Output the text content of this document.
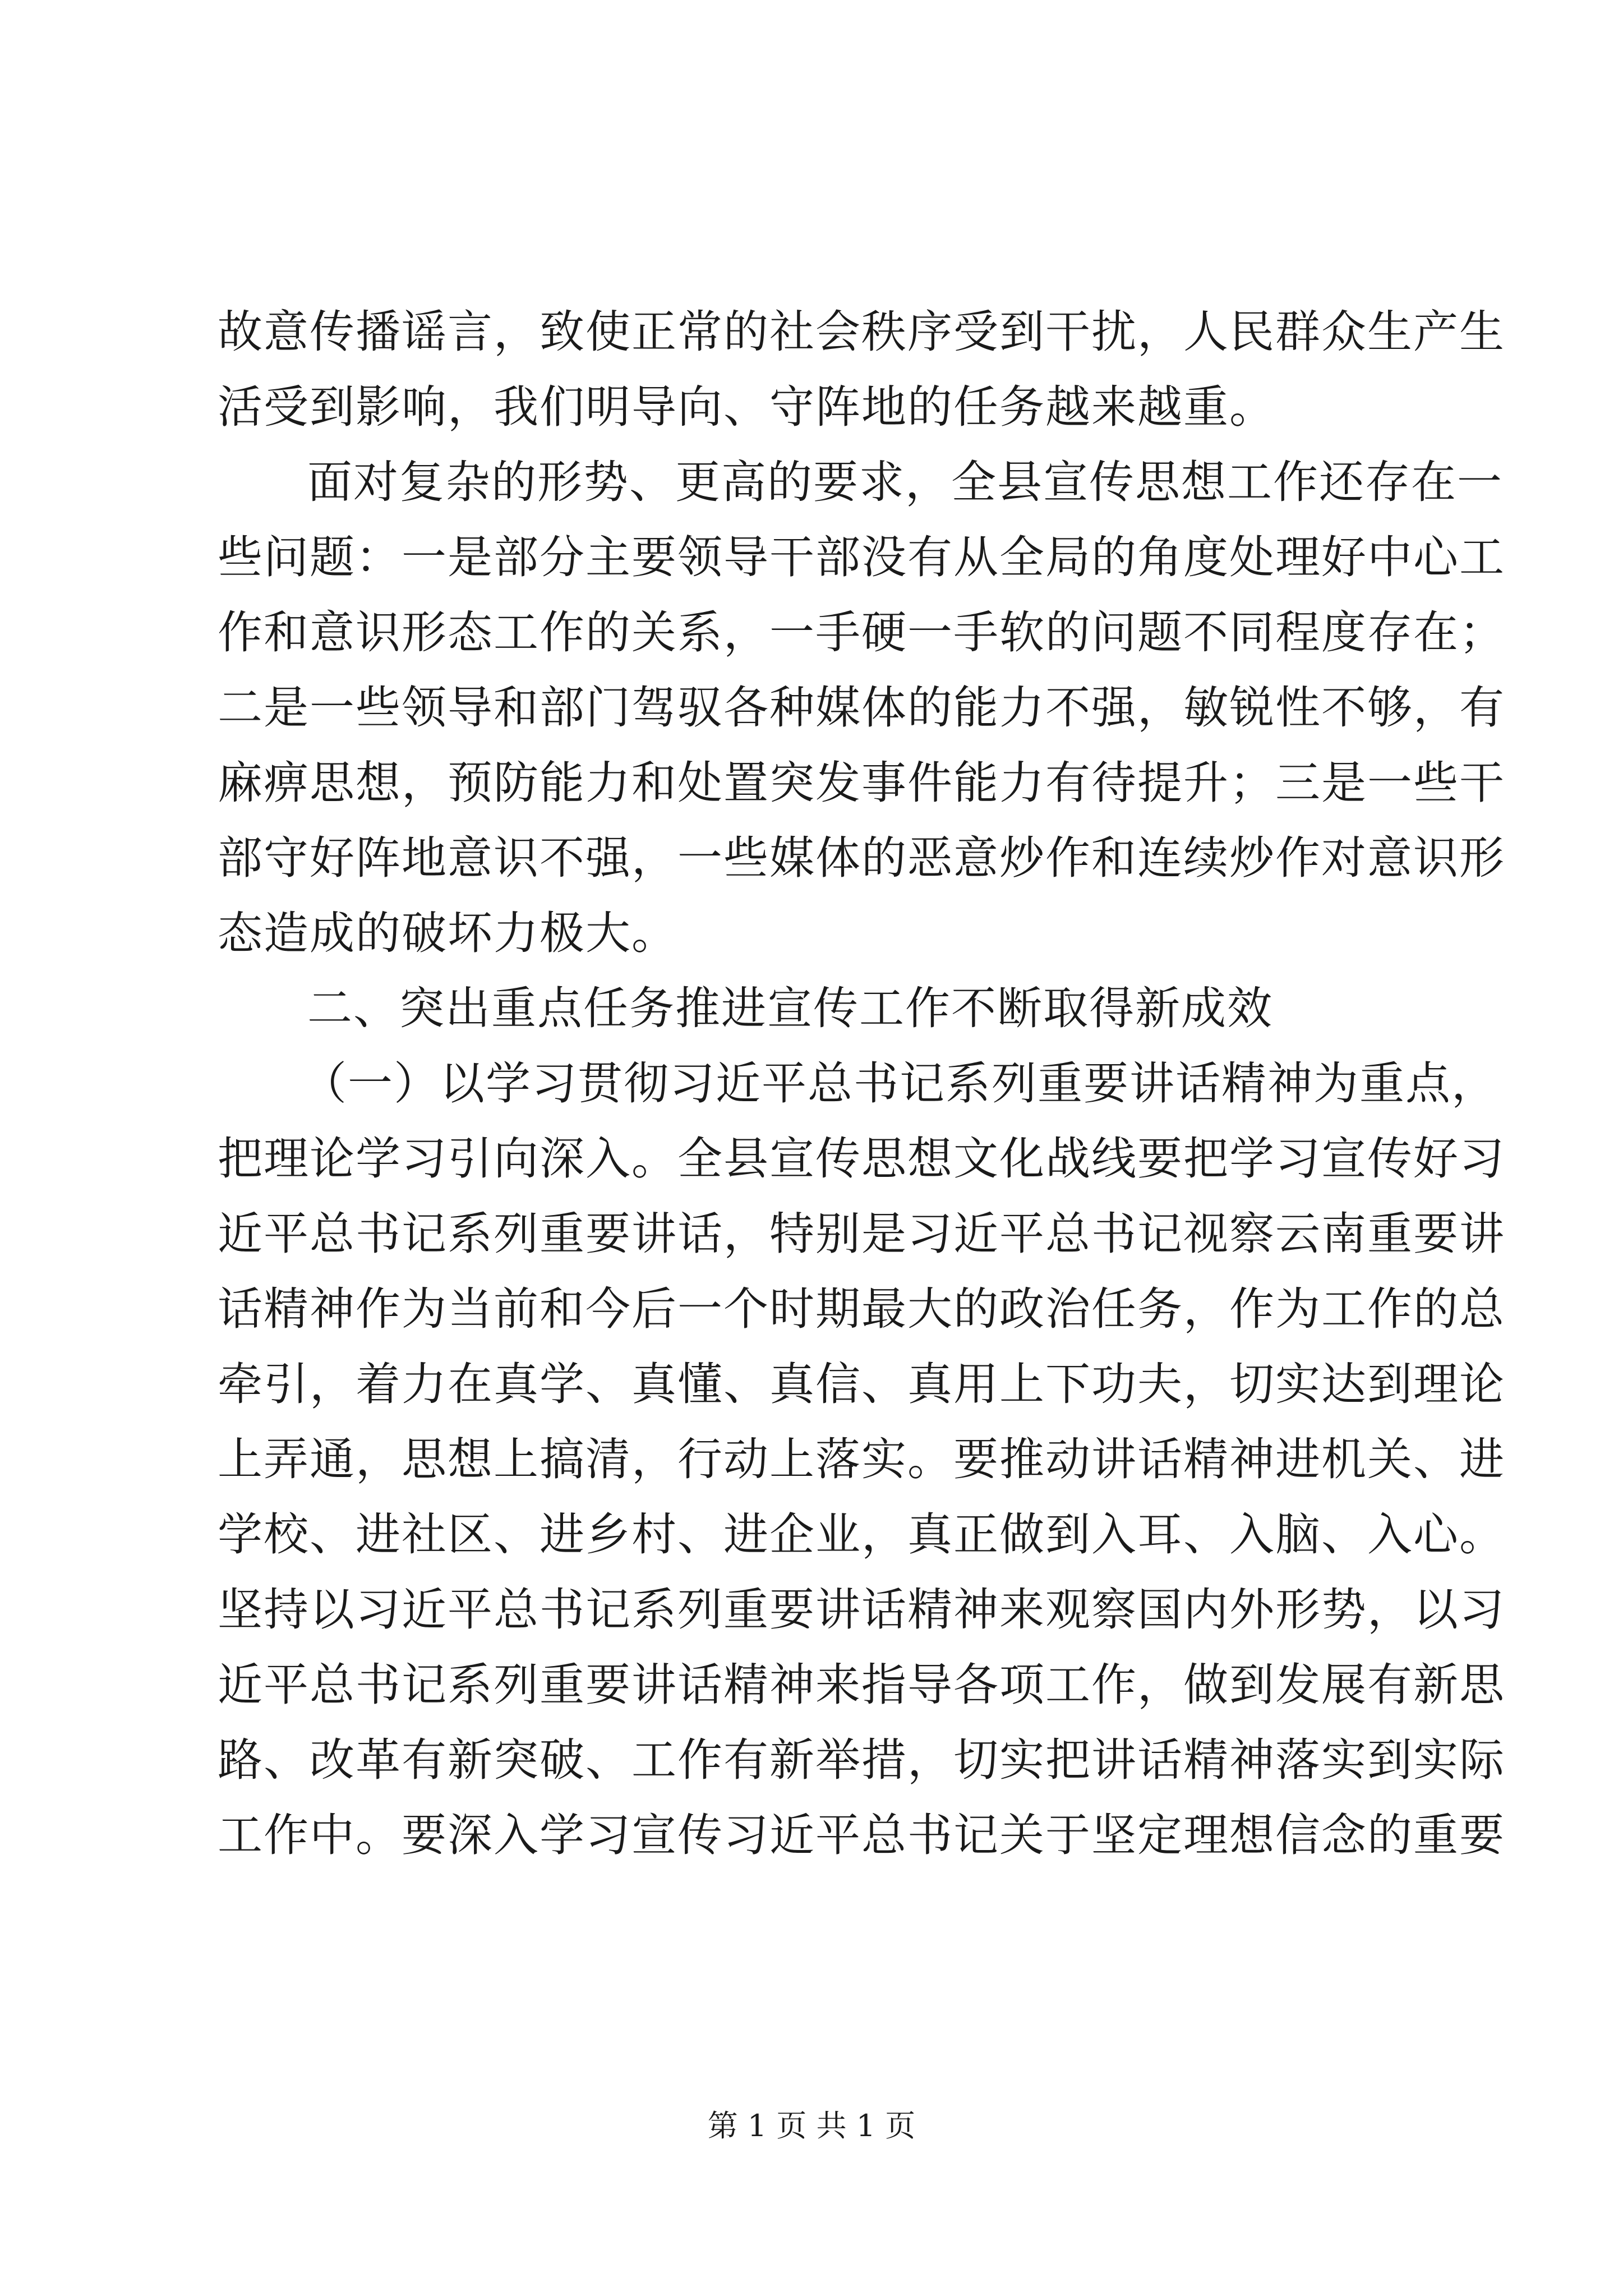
故意传播谣言，致使正常的社会秩序受到干扰，人民群众生产生
活受到影响，我们明导向、守阵地的任务越来越重。
面对复杂的形势、更高的要求，全县宣传思想工作还存在一
些问题：一是部分主要领导干部没有从全局的角度处理好中心工
作和意识形态工作的关系，一手硬一手软的问题不同程度存在；
二是一些领导和部门驾驭各种媒体的能力不强，敏锐性不够，有
麻痹思想，预防能力和处置突发事件能力有待提升；三是一些干
部守好阵地意识不强，一些媒体的恶意炒作和连续炒作对意识形
态造成的破坏力极大。
二、突出重点任务推进宣传工作不断取得新成效
（一）以学习贯彻习近平总书记系列重要讲话精神为重点，
把理论学习引向深入。全县宣传思想文化战线要把学习宣传好习
近平总书记系列重要讲话，特别是习近平总书记视察云南重要讲
话精神作为当前和今后一个时期最大的政治任务，作为工作的总
牵引，着力在真学、真懂、真信、真用上下功夫，切实达到理论
上弄通，思想上搞清，行动上落实。要推动讲话精神进机关、进
学校、进社区、进乡村、进企业，真正做到入耳、入脑、入心。
坚持以习近平总书记系列重要讲话精神来观察国内外形势，以习
近平总书记系列重要讲话精神来指导各项工作，做到发展有新思
路、改革有新突破、工作有新举措，切实把讲话精神落实到实际
工作中。要深入学习宣传习近平总书记关于坚定理想信念的重要
第 1 页 共 1 页
